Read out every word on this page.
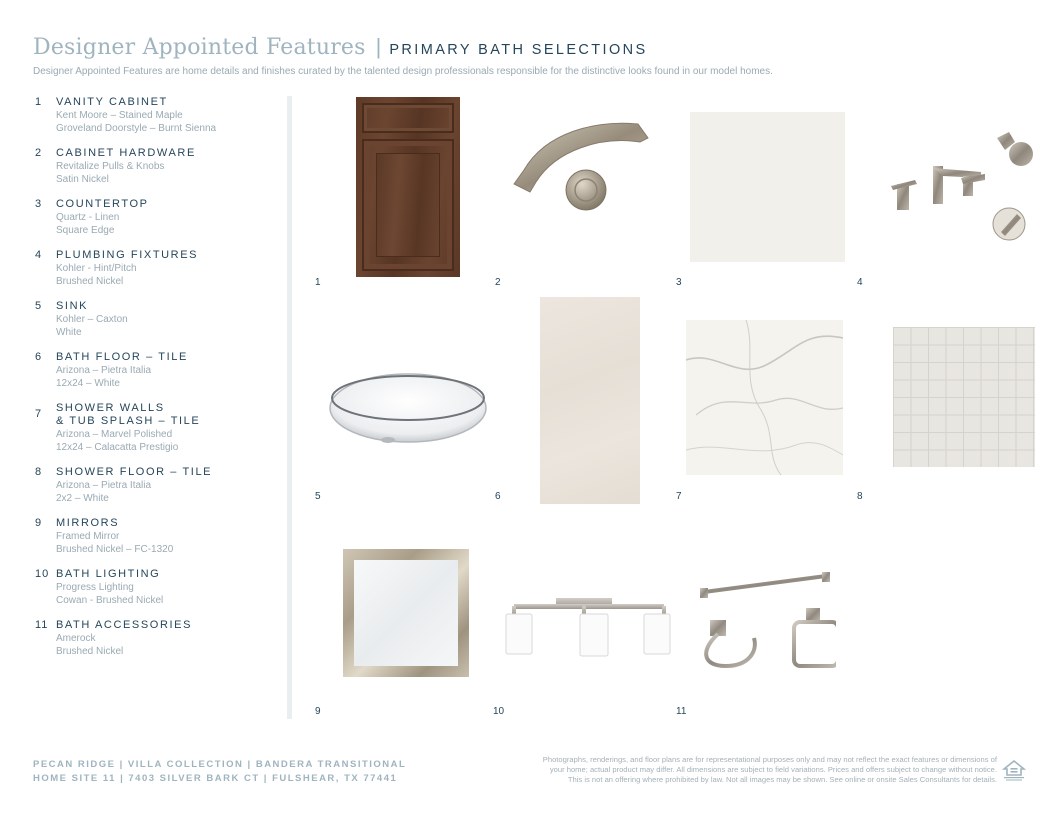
Designer Appointed Features | PRIMARY BATH SELECTIONS
Designer Appointed Features are home details and finishes curated by the talented design professionals responsible for the distinctive looks found in our model homes.
1	VANITY CABINET
Kent Moore – Stained Maple
Groveland Doorstyle – Burnt Sienna
2	CABINET HARDWARE
Revitalize Pulls & Knobs
Satin Nickel
3	COUNTERTOP
Quartz - Linen
Square Edge
4	PLUMBING FIXTURES
Kohler - Hint/Pitch
Brushed Nickel
5	SINK
Kohler – Caxton
White
6	BATH FLOOR – TILE
Arizona – Pietra Italia
12x24 – White
7	SHOWER WALLS
& TUB SPLASH – TILE
Arizona – Marvel Polished
12x24 – Calacatta Prestigio
8	SHOWER FLOOR – TILE
Arizona – Pietra Italia
2x2 – White
9	MIRRORS
Framed Mirror
Brushed Nickel – FC-1320
10 BATH LIGHTING
Progress Lighting
Cowan - Brushed Nickel
11 BATH ACCESSORIES
Amerock
Brushed Nickel
1	2	3	4
5	6	7	8
9	10	11
PECAN RIDGE | VILLA COLLECTION | BANDERA TRANSITIONAL
HOME SITE 11 | 7403 SILVER BARK CT | FULSHEAR, TX 77441
Photographs, renderings, and floor plans are for representational purposes only and may not reflect the exact features or dimensions of
your home; actual product may differ. All dimensions are subject to field variations. Prices and offers subject to change without notice.
This is not an offering where prohibited by law. Not all images may be shown. See online or onsite Sales Consultants for details.
